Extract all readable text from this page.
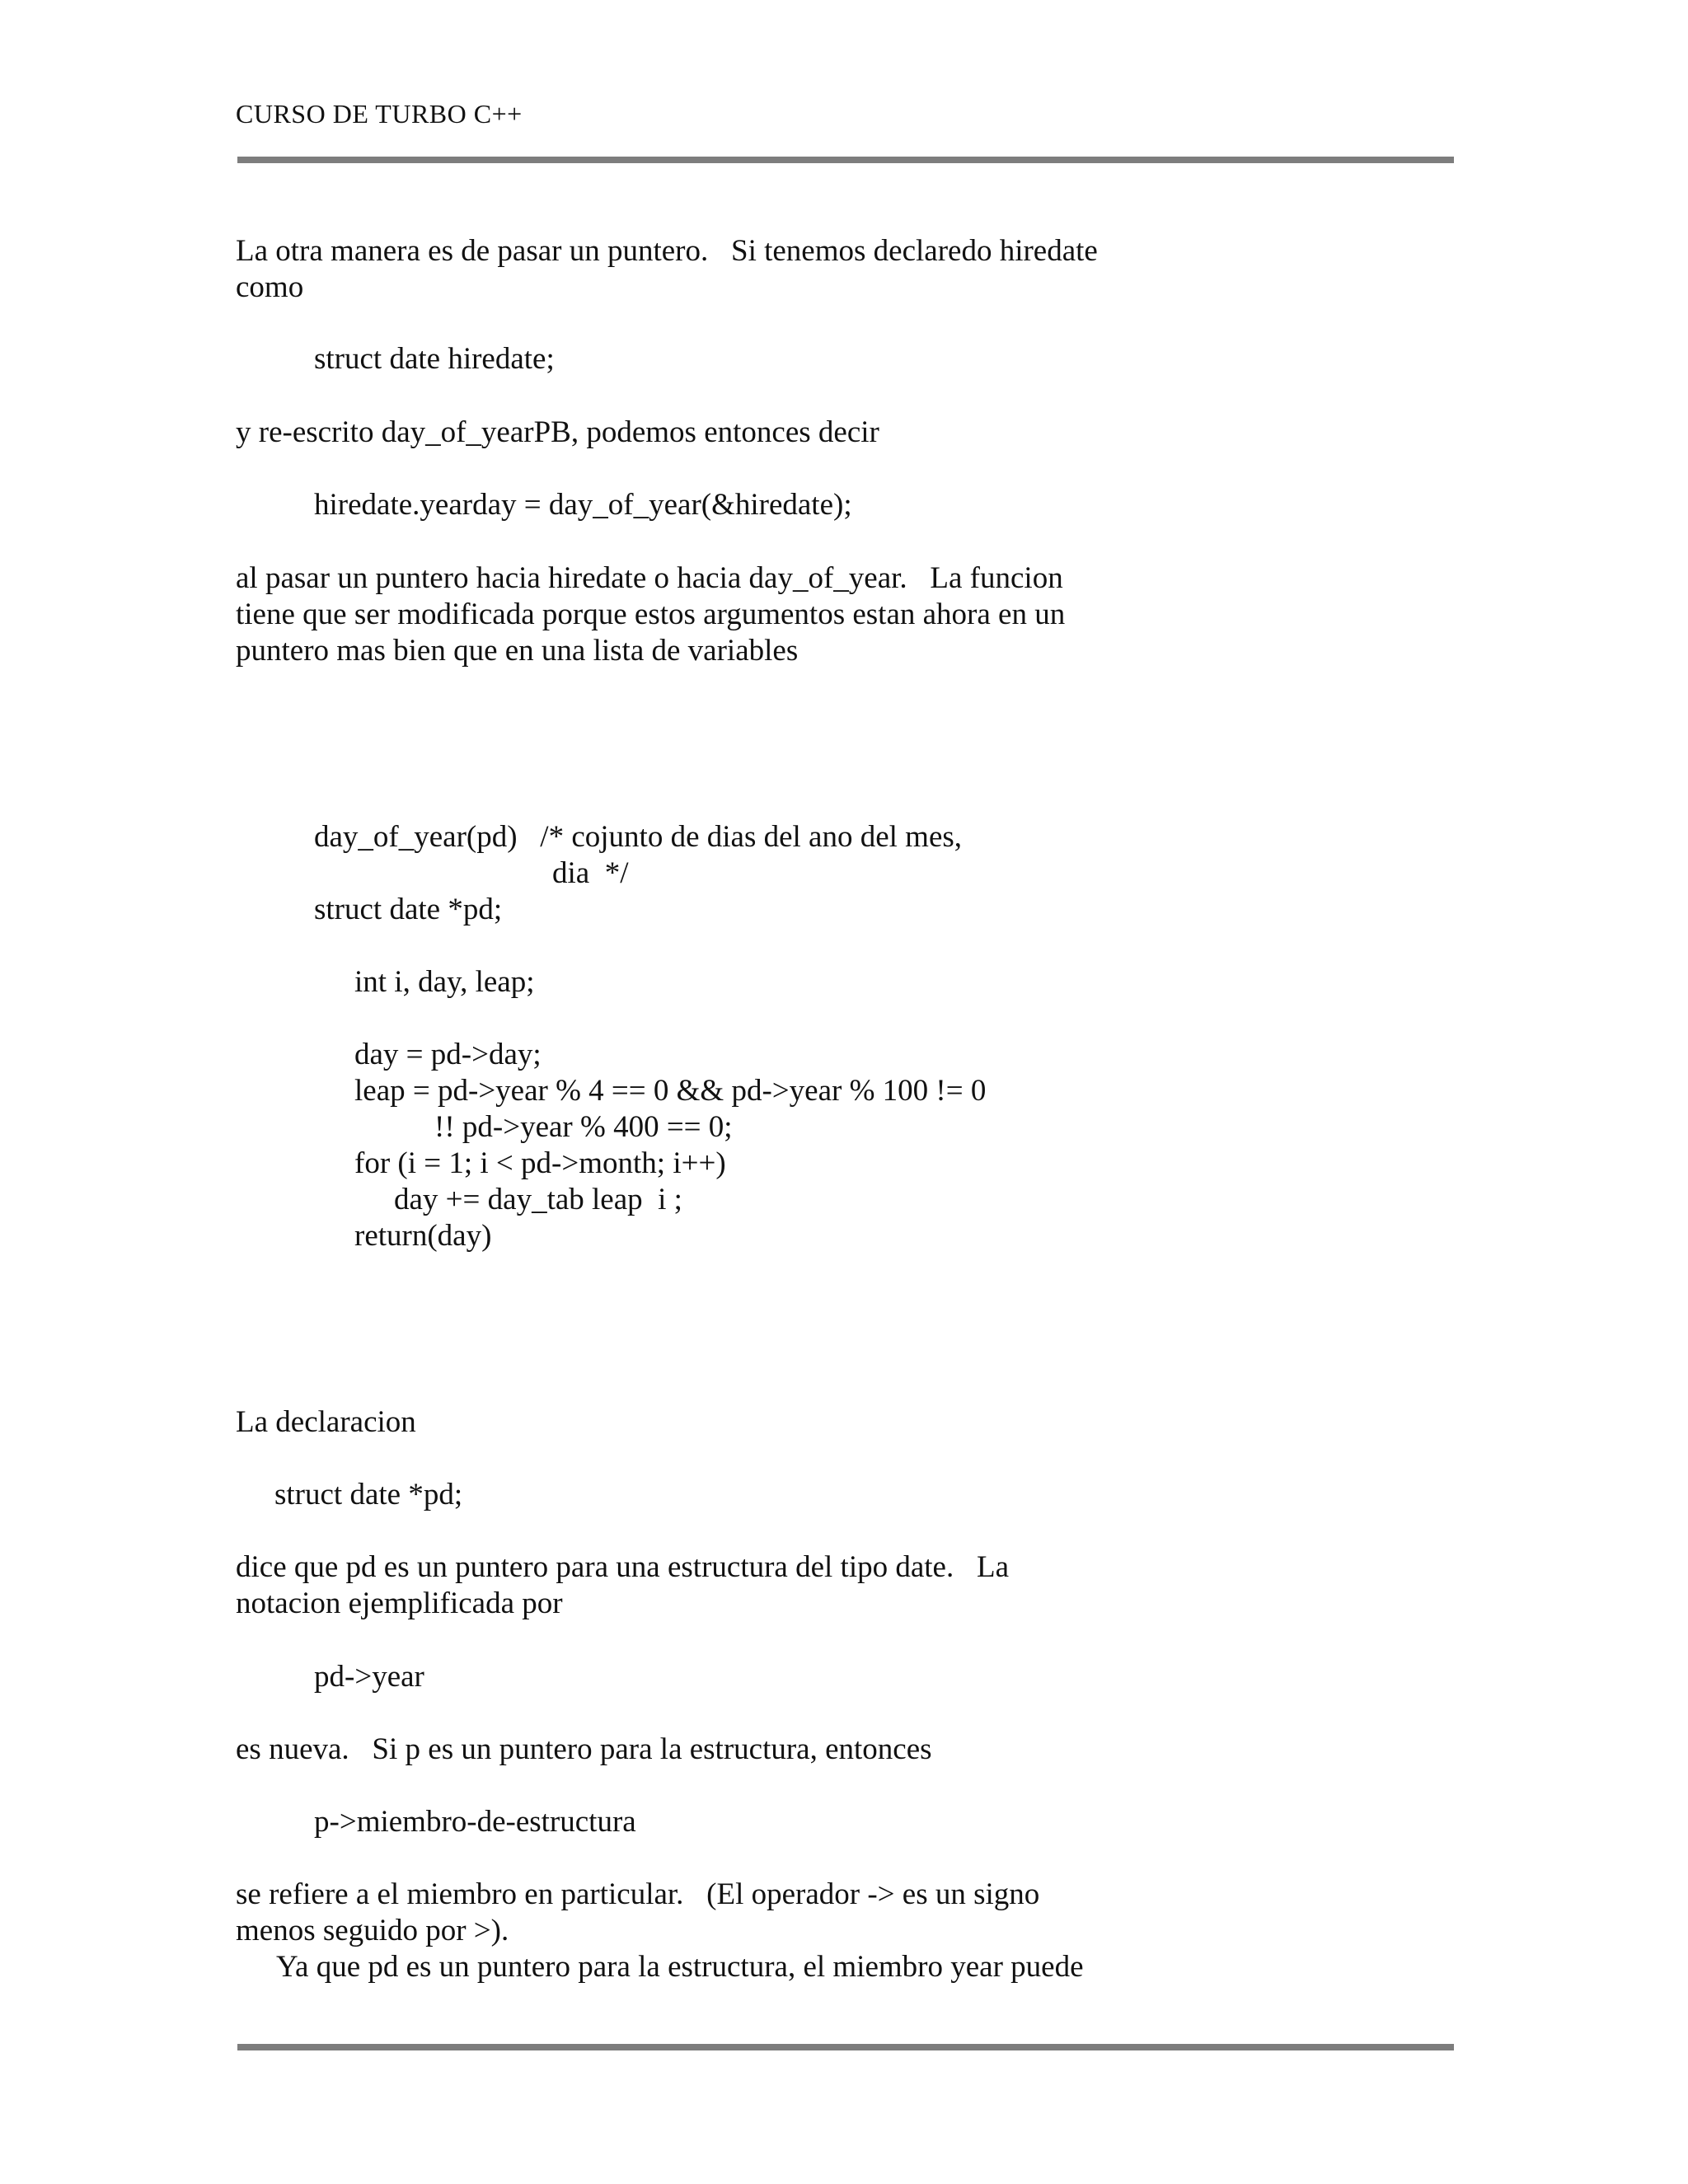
CURSO DE TURBO C++
La otra manera es de pasar un puntero.   Si tenemos declaredo hiredate
como
struct date hiredate;
y re-escrito day_of_yearPB, podemos entonces decir
hiredate.yearday = day_of_year(&hiredate);
al pasar un puntero hacia hiredate o hacia day_of_year.   La funcion
tiene que ser modificada porque estos argumentos estan ahora en un
puntero mas bien que en una lista de variables
day_of_year(pd)   /* cojunto de dias del ano del mes,
dia  */
struct date *pd;
int i, day, leap;
day = pd->day;
leap = pd->year % 4 == 0 && pd->year % 100 != 0
!! pd->year % 400 == 0;
for (i = 1; i < pd->month; i++)
day += day_tab leap  i ;
return(day)
La declaracion
struct date *pd;
dice que pd es un puntero para una estructura del tipo date.   La
notacion ejemplificada por
pd->year
es nueva.   Si p es un puntero para la estructura, entonces
p->miembro-de-estructura
se refiere a el miembro en particular.   (El operador -> es un signo
menos seguido por >).
Ya que pd es un puntero para la estructura, el miembro year puede
